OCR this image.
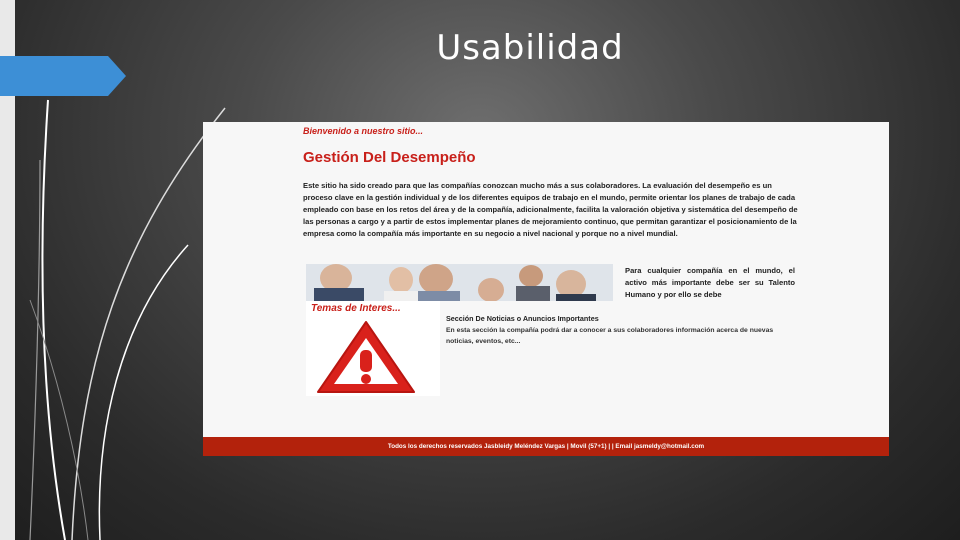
Usabilidad
Bienvenido a nuestro sitio...
Gestión Del Desempeño
Este sitio ha sido creado para que las compañías conozcan mucho más a sus colaboradores. La evaluación del desempeño es un proceso clave en la gestión individual y de los diferentes equipos de trabajo en el mundo, permite orientar los planes de trabajo de cada empleado con base en los retos del área y de la compañía, adicionalmente, facilita la valoración objetiva y sistemática del desempeño de las personas a cargo y a partir de estos implementar planes de mejoramiento continuo, que permitan garantizar el posicionamiento de la empresa como la compañía más importante en su negocio a nivel nacional y porque no a nivel mundial.
Para cualquier compañía en el mundo, el activo más importante debe ser su Talento Humano y por ello se debe
Temas de Interes...
Sección De Noticias o Anuncios Importantes
En esta sección la compañía podrá dar a conocer a sus colaboradores información acerca de nuevas noticias, eventos, etc...
Todos los derechos reservados Jasbleidy Meléndez Vargas | Movil (57+1) | | Email jasmeldy@hotmail.com
